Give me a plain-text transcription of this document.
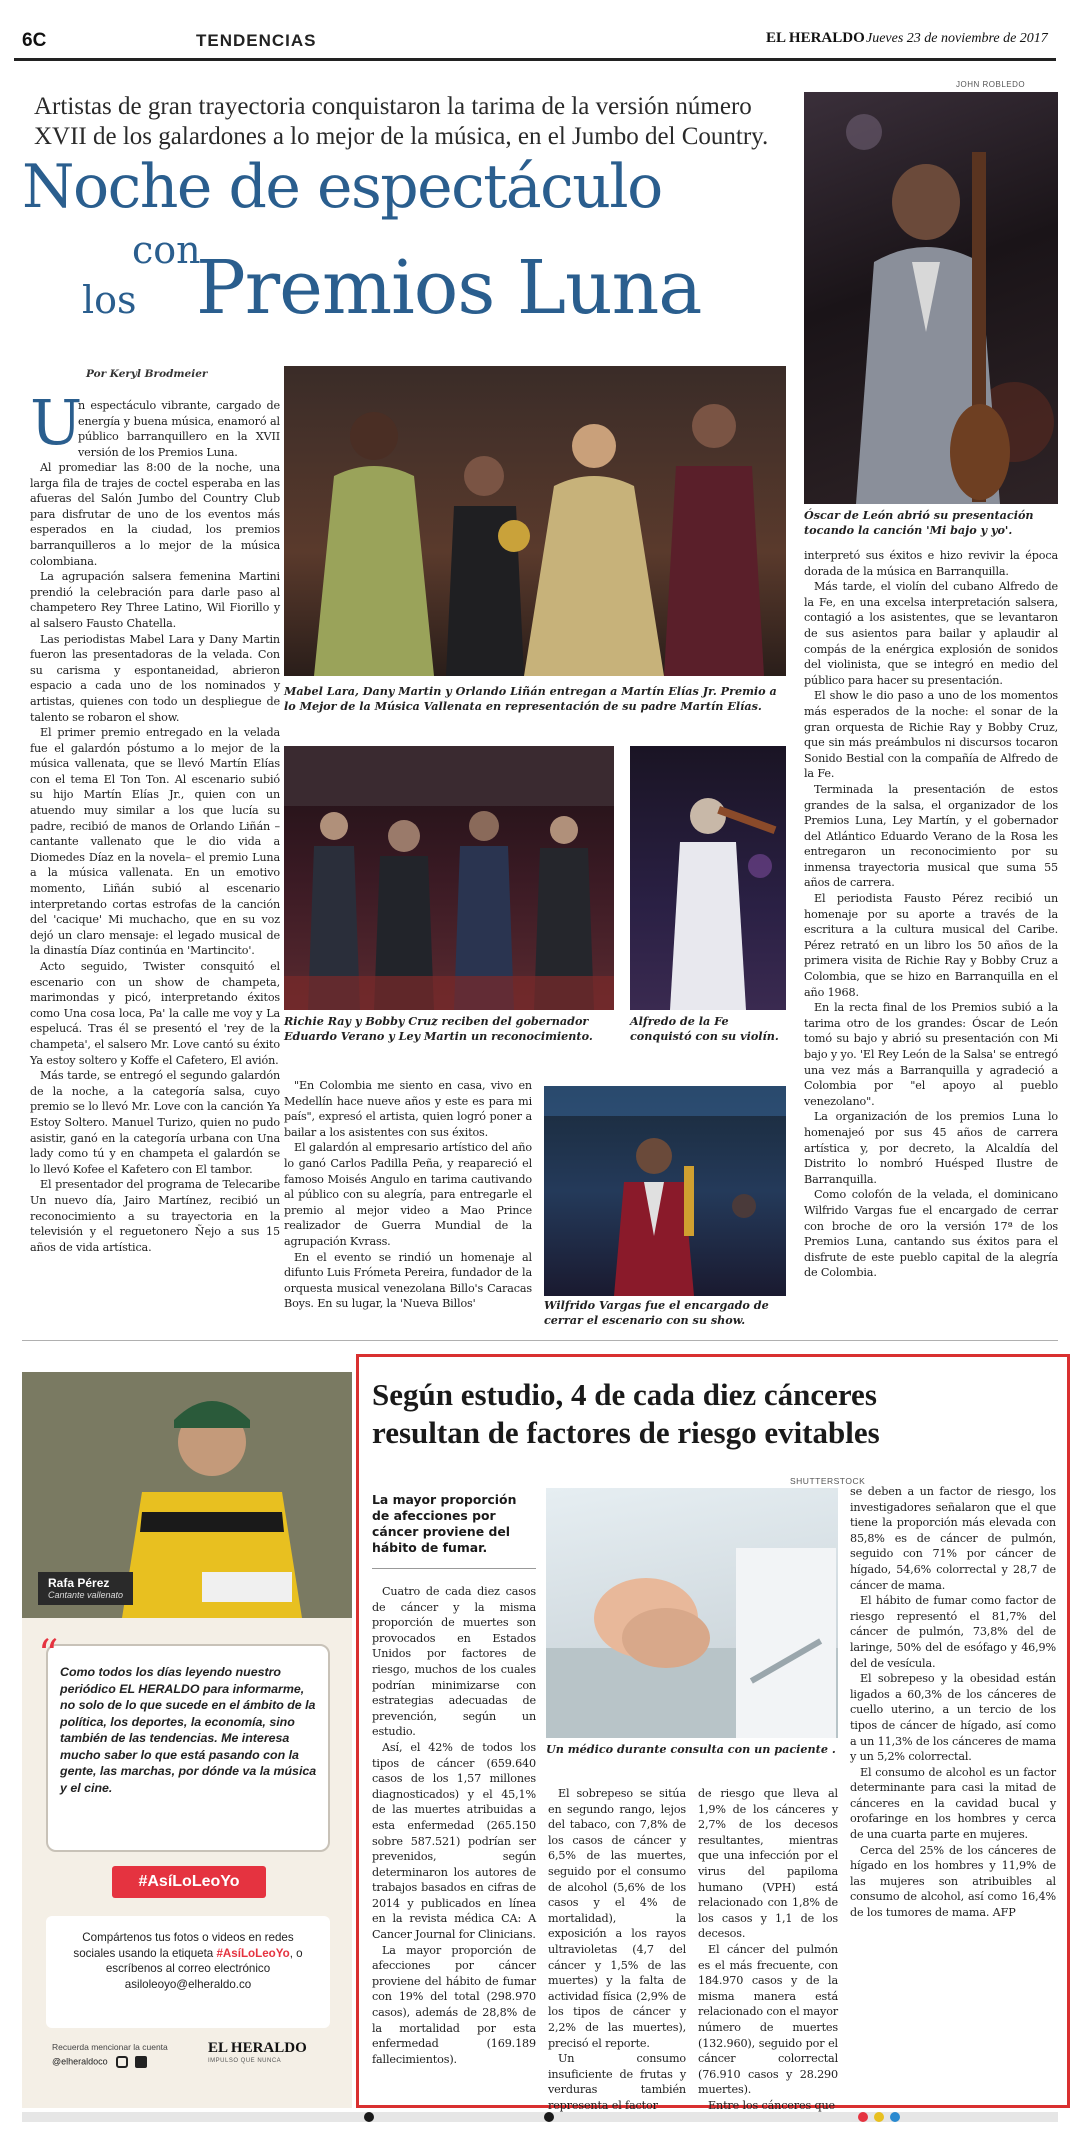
6C	TENDENCIAS	EL HERALDO Jueves 23 de noviembre de 2017
Artistas de gran trayectoria conquistaron la tarima de la versión número XVII de los galardones a lo mejor de la música, en el Jumbo del Country.
Noche de espectáculo
con
los Premios Luna
JOHN ROBLEDO
Óscar de León abrió su presentación tocando la canción 'Mi bajo y yo'.
Por Keryl Brodmeier
U

n espectáculo vibrante, cargado de energía y buena música, enamoró al público barranquillero en la XVII versión de los Premios Luna.

Al promediar las 8:00 de la noche, una larga fila de trajes de coctel esperaba en las afueras del Salón Jumbo del Country Club para disfrutar de uno de los eventos más esperados en la ciudad, los premios barranquilleros a lo mejor de la música colombiana.

La agrupación salsera femenina Martini prendió la celebración para darle paso al champetero Rey Three Latino, Wil Fiorillo y al salsero Fausto Chatella.

Las periodistas Mabel Lara y Dany Martin fueron las presentadoras de la velada. Con su carisma y espontaneidad, abrieron espacio a cada uno de los nominados y artistas, quienes con todo un despliegue de talento se robaron el show.

El primer premio entregado en la velada fue el galardón póstumo a lo mejor de la música vallenata, que se llevó Martín Elías con el tema El Ton Ton. Al escenario subió su hijo Martín Elías Jr., quien con un atuendo muy similar a los que lucía su padre, recibió de manos de Orlando Liñán –cantante vallenato que le dio vida a Diomedes Díaz en la novela– el premio Luna a la música vallenata. En un emotivo momento, Liñán subió al escenario interpretando cortas estrofas de la canción del 'cacique' Mi muchacho, que en su voz dejó un claro mensaje: el legado musical de la dinastía Díaz continúa en 'Martincito'.

Acto seguido, Twister consquitó el escenario con un show de champeta, marimondas y picó, interpretando éxitos como Una cosa loca, Pa' la calle me voy y La espelucá. Tras él se presentó el 'rey de la champeta', el salsero Mr. Love cantó su éxito Ya estoy soltero y Koffe el Cafetero, El avión.

Más tarde, se entregó el segundo galardón de la noche, a la categoría salsa, cuyo premio se lo llevó Mr. Love con la canción Ya Estoy Soltero. Manuel Turizo, quien no pudo asistir, ganó en la categoría urbana con Una lady como tú y en champeta el galardón se lo llevó Kofee el Kafetero con El tambor.

El presentador del programa de Telecaribe Un nuevo día, Jairo Martínez, recibió un reconocimiento a su trayectoria en la televisión y el reguetonero Ñejo a sus 15 años de vida artística.

Mabel Lara, Dany Martin y Orlando Liñán entregan a Martín Elías Jr. Premio a lo Mejor de la Música Vallenata en representación de su padre Martín Elías.
Richie Ray y Bobby Cruz reciben del gobernador Eduardo Verano y Ley Martin un reconocimiento.
Alfredo de la Fe conquistó con su violín.

"En Colombia me siento en casa, vivo en Medellín hace nueve años y este es para mi país", expresó el artista, quien logró poner a bailar a los asistentes con sus éxitos.

El galardón al empresario artístico del año lo ganó Carlos Padilla Peña, y reapareció el famoso Moisés Angulo en tarima cautivando al público con su alegría, para entregarle el premio al mejor video a Mao Prince realizador de Guerra Mundial de la agrupación Kvrass.

En el evento se rindió un homenaje al difunto Luis Frómeta Pereira, fundador de la orquesta musical venezolana Billo's Caracas Boys. En su lugar, la 'Nueva Billos'	Wilfrido Vargas fue el encargado de cerrar el escenario con su show.

interpretó sus éxitos e hizo revivir la época dorada de la música en Barranquilla.

Más tarde, el violín del cubano Alfredo de la Fe, en una excelsa interpretación salsera, contagió a los asistentes, que se levantaron de sus asientos para bailar y aplaudir al compás de la enérgica explosión de sonidos del violinista, que se integró en medio del público para hacer su presentación.

El show le dio paso a uno de los momentos más esperados de la noche: el sonar de la gran orquesta de Richie Ray y Bobby Cruz, que sin más preámbulos ni discursos tocaron Sonido Bestial con la compañía de Alfredo de la Fe.

Terminada la presentación de estos grandes de la salsa, el organizador de los Premios Luna, Ley Martín, y el gobernador del Atlántico Eduardo Verano de la Rosa les entregaron un reconocimiento por su inmensa trayectoria musical que suma 55 años de carrera.

El periodista Fausto Pérez recibió un homenaje por su aporte a través de la escritura a la cultura musical del Caribe. Pérez retrató en un libro los 50 años de la primera visita de Richie Ray y Bobby Cruz a Colombia, que se hizo en Barranquilla en el año 1968.

En la recta final de los Premios subió a la tarima otro de los grandes: Óscar de León tomó su bajo y abrió su presentación con Mi bajo y yo. 'El Rey León de la Salsa' se entregó una vez más a Barranquilla y agradeció a Colombia por "el apoyo al pueblo venezolano".

La organización de los premios Luna lo homenajeó por sus 45 años de carrera artística y, por decreto, la Alcaldía del Distrito lo nombró Huésped Ilustre de Barranquilla.

Como colofón de la velada, el dominicano Wilfrido Vargas fue el encargado de cerrar con broche de oro la versión 17ª de los Premios Luna, cantando sus éxitos para el disfrute de este pueblo capital de la alegría de Colombia.

Rafa Pérez
Cantante vallenato
“ Como todos los días leyendo nuestro periódico EL HERALDO para informarme, no solo de lo que sucede en el ámbito de la política, los deportes, la economía, sino también de las tendencias. Me interesa mucho saber lo que está pasando con la gente, las marchas, por dónde va la música y el cine.
#AsíLoLeoYo
Compártenos tus fotos o videos en redes sociales usando la etiqueta #AsíLoLeoYo, o escríbenos al correo electrónico
asiloleoyo@elheraldo.co
Recuerda mencionar la cuenta
@elheraldoco
EL HERALDO
IMPULSO QUE NUNCA
Según estudio, 4 de cada diez cánceres
resultan de factores de riesgo evitables
La mayor proporción de afecciones por cáncer proviene del hábito de fumar.
SHUTTERSTOCK
Un médico durante consulta con un paciente .

Cuatro de cada diez casos de cáncer y la misma proporción de muertes son provocados en Estados Unidos por factores de riesgo, muchos de los cuales podrían minimizarse con estrategias adecuadas de prevención, según un estudio.

Así, el 42% de todos los tipos de cáncer (659.640 casos de los 1,57 millones diagnosticados) y el 45,1% de las muertes atribuidas a esta enfermedad (265.150 sobre 587.521) podrían ser prevenidos, según determinaron los autores de trabajos basados en cifras de 2014 y publicados en línea en la revista médica CA: A Cancer Journal for Clinicians.

La mayor proporción de afecciones por cáncer proviene del hábito de fumar con 19% del total (298.970 casos), además de 28,8% de la mortalidad por esta enfermedad (169.189 fallecimientos).

El sobrepeso se sitúa en segundo rango, lejos del tabaco, con 7,8% de los casos de cáncer y 6,5% de las muertes, seguido por el consumo de alcohol (5,6% de los casos y el 4% de mortalidad), la exposición a los rayos ultravioletas (4,7 del cáncer y 1,5% de las muertes) y la falta de actividad física (2,9% de los tipos de cáncer y 2,2% de las muertes), precisó el reporte.

Un consumo insuficiente de frutas y verduras también representa el factor

de riesgo que lleva al 1,9% de los cánceres y 2,7% de los decesos resultantes, mientras que una infección por el virus del papiloma humano (VPH) está relacionado con 1,8% de los casos y 1,1 de los decesos.

El cáncer del pulmón es el más frecuente, con 184.970 casos y de la misma manera está relacionado con el mayor número de muertes (132.960), seguido por el cáncer colorrectal (76.910 casos y 28.290 muertes).

Entre los cánceres que

se deben a un factor de riesgo, los investigadores señalaron que el que tiene la proporción más elevada con 85,8% es de cáncer de pulmón, seguido con 71% por cáncer de hígado, 54,6% colorrectal y 28,7 de cáncer de mama.

El hábito de fumar como factor de riesgo representó el 81,7% del cáncer de pulmón, 73,8% del de laringe, 50% del de esófago y 46,9% del de vesícula.

El sobrepeso y la obesidad están ligados a 60,3% de los cánceres de cuello uterino, a un tercio de los tipos de cáncer de hígado, así como a un 11,3% de los cánceres de mama y un 5,2% colorrectal.

El consumo de alcohol es un factor determinante para casi la mitad de cánceres en la cavidad bucal y orofaringe en los hombres y cerca de una cuarta parte en mujeres.

Cerca del 25% de los cánceres de hígado en los hombres y 11,9% de las mujeres son atribuibles al consumo de alcohol, así como 16,4% de los tumores de mama. AFP
